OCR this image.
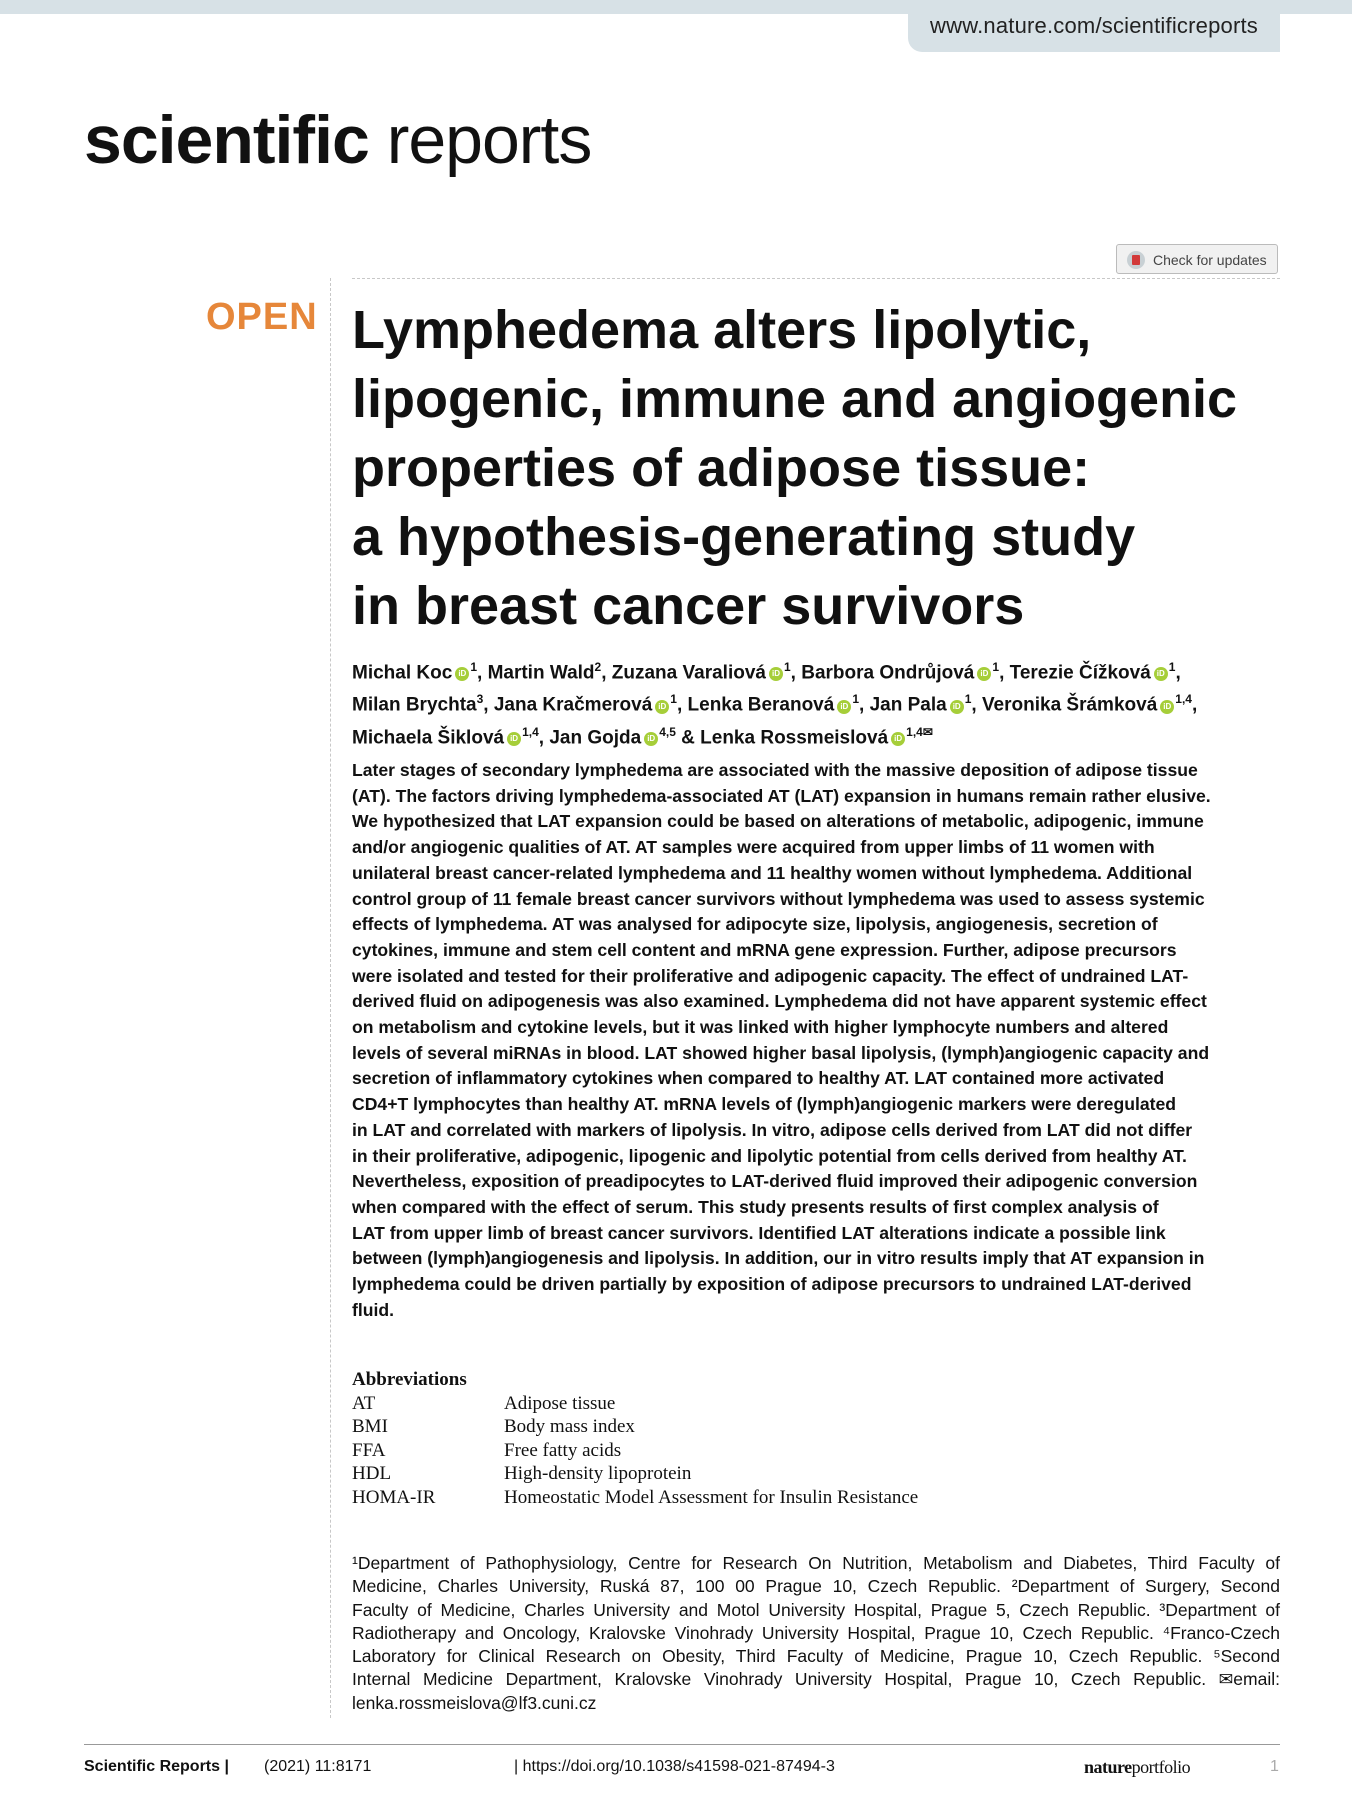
www.nature.com/scientificreports
scientific reports
Check for updates
OPEN Lymphedema alters lipolytic,
lipogenic, immune and angiogenic
properties of adipose tissue:
a hypothesis-generating study
in breast cancer survivors
Michal Koc iD $^1$, Martin Wald$^2$, Zuzana Varaliová iD $^1$, Barbora Ondrůjová iD $^1$, Terezie Čížková iD $^1$,
Milan Brychta$^3$, Jana Kračmerová iD $^1$, Lenka Beranová iD $^1$, Jan Pala iD $^1$, Veronika Šrámková iD $^{1,4}$,
Michaela Šiklová iD $^{1,4}$, Jan Gojda iD $^{4,5}$ & Lenka Rossmeislová iD $^{1,4✉}$
Later stages of secondary lymphedema are associated with the massive deposition of adipose tissue
(AT). The factors driving lymphedema-associated AT (LAT) expansion in humans remain rather elusive.
We hypothesized that LAT expansion could be based on alterations of metabolic, adipogenic, immune
and/or angiogenic qualities of AT. AT samples were acquired from upper limbs of 11 women with
unilateral breast cancer-related lymphedema and 11 healthy women without lymphedema. Additional
control group of 11 female breast cancer survivors without lymphedema was used to assess systemic
effects of lymphedema. AT was analysed for adipocyte size, lipolysis, angiogenesis, secretion of
cytokines, immune and stem cell content and mRNA gene expression. Further, adipose precursors
were isolated and tested for their proliferative and adipogenic capacity. The effect of undrained LAT-
derived fluid on adipogenesis was also examined. Lymphedema did not have apparent systemic effect
on metabolism and cytokine levels, but it was linked with higher lymphocyte numbers and altered
levels of several miRNAs in blood. LAT showed higher basal lipolysis, (lymph)angiogenic capacity and
secretion of inflammatory cytokines when compared to healthy AT. LAT contained more activated
CD4+T lymphocytes than healthy AT. mRNA levels of (lymph)angiogenic markers were deregulated
in LAT and correlated with markers of lipolysis. In vitro, adipose cells derived from LAT did not differ
in their proliferative, adipogenic, lipogenic and lipolytic potential from cells derived from healthy AT.
Nevertheless, exposition of preadipocytes to LAT-derived fluid improved their adipogenic conversion
when compared with the effect of serum. This study presents results of first complex analysis of
LAT from upper limb of breast cancer survivors. Identified LAT alterations indicate a possible link
between (lymph)angiogenesis and lipolysis. In addition, our in vitro results imply that AT expansion in
lymphedema could be driven partially by exposition of adipose precursors to undrained LAT-derived
fluid.
Abbreviations
AT	Adipose tissue
BMI	Body mass index
FFA	Free fatty acids
HDL	High-density lipoprotein
HOMA-IR	Homeostatic Model Assessment for Insulin Resistance
¹Department of Pathophysiology, Centre for Research On Nutrition, Metabolism and Diabetes, Third Faculty of
Medicine, Charles University, Ruská 87, 100 00 Prague 10, Czech Republic. ²Department of Surgery, Second
Faculty of Medicine, Charles University and Motol University Hospital, Prague 5, Czech Republic. ³Department of
Radiotherapy and Oncology, Kralovske Vinohrady University Hospital, Prague 10, Czech Republic. ⁴Franco-Czech
Laboratory for Clinical Research on Obesity, Third Faculty of Medicine, Prague 10, Czech Republic. ⁵Second
Internal Medicine Department, Kralovske Vinohrady University Hospital, Prague 10, Czech Republic. ✉email:
lenka.rossmeislova@lf3.cuni.cz
Scientific Reports | (2021) 11:8171	| https://doi.org/10.1038/s41598-021-87494-3	natureportfolio	1
